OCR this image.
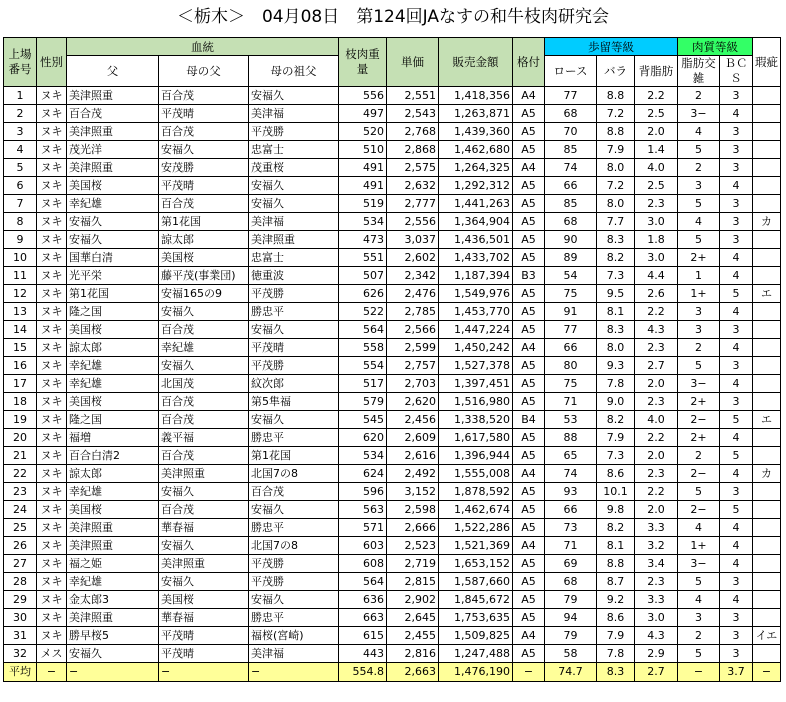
＜栃木＞　04月08日　第124回JAなすの和牛枝肉研究会
上場番号	性別	血統			枝肉重量	単価	販売金額	格付	歩留等級			肉質等級		瑕疵
		父	母の父	母の祖父					ロース	バラ	背脂肪	脂肪交雑	ＢＣＳ	

1	ヌキ	美津照重	百合茂	安福久	556	2,551	1,418,356	A4	77	8.8	2.2	2	3	
2	ヌキ	百合茂	平茂晴	美津福	497	2,543	1,263,871	A5	68	7.2	2.5	3−	4	
3	ヌキ	美津照重	百合茂	平茂勝	520	2,768	1,439,360	A5	70	8.8	2.0	4	3	
4	ヌキ	茂光洋	安福久	忠富士	510	2,868	1,462,680	A5	85	7.9	1.4	5	3	
5	ヌキ	美津照重	安茂勝	茂重桜	491	2,575	1,264,325	A4	74	8.0	4.0	2	3	
6	ヌキ	美国桜	平茂晴	安福久	491	2,632	1,292,312	A5	66	7.2	2.5	3	4	
7	ヌキ	幸紀雄	百合茂	安福久	519	2,777	1,441,263	A5	85	8.0	2.3	5	3	
8	ヌキ	安福久	第1花国	美津福	534	2,556	1,364,904	A5	68	7.7	3.0	4	3	カ
9	ヌキ	安福久	諒太郎	美津照重	473	3,037	1,436,501	A5	90	8.3	1.8	5	3	
10	ヌキ	国華白清	美国桜	忠富士	551	2,602	1,433,702	A5	89	8.2	3.0	2+	4	
11	ヌキ	光平栄	藤平茂(事業団)	徳重波	507	2,342	1,187,394	B3	54	7.3	4.4	1	4	
12	ヌキ	第1花国	安福165の9	平茂勝	626	2,476	1,549,976	A5	75	9.5	2.6	1+	5	エ
13	ヌキ	隆之国	安福久	勝忠平	522	2,785	1,453,770	A5	91	8.1	2.2	3	4	
14	ヌキ	美国桜	百合茂	安福久	564	2,566	1,447,224	A5	77	8.3	4.3	3	3	
15	ヌキ	諒太郎	幸紀雄	平茂晴	558	2,599	1,450,242	A4	66	8.0	2.3	2	4	
16	ヌキ	幸紀雄	安福久	平茂勝	554	2,757	1,527,378	A5	80	9.3	2.7	5	3	
17	ヌキ	幸紀雄	北国茂	紋次郎	517	2,703	1,397,451	A5	75	7.8	2.0	3−	4	
18	ヌキ	美国桜	百合茂	第5隼福	579	2,620	1,516,980	A5	71	9.0	2.3	2+	3	
19	ヌキ	隆之国	百合茂	安福久	545	2,456	1,338,520	B4	53	8.2	4.0	2−	5	エ
20	ヌキ	福増	義平福	勝忠平	620	2,609	1,617,580	A5	88	7.9	2.2	2+	4	
21	ヌキ	百合白清2	百合茂	第1花国	534	2,616	1,396,944	A5	65	7.3	2.0	2	5	
22	ヌキ	諒太郎	美津照重	北国7の8	624	2,492	1,555,008	A4	74	8.6	2.3	2−	4	カ
23	ヌキ	幸紀雄	安福久	百合茂	596	3,152	1,878,592	A5	93	10.1	2.2	5	3	
24	ヌキ	美国桜	百合茂	安福久	563	2,598	1,462,674	A5	66	9.8	2.0	2−	5	
25	ヌキ	美津照重	華春福	勝忠平	571	2,666	1,522,286	A5	73	8.2	3.3	4	4	
26	ヌキ	美津照重	安福久	北国7の8	603	2,523	1,521,369	A4	71	8.1	3.2	1+	4	
27	ヌキ	福之姫	美津照重	平茂勝	608	2,719	1,653,152	A5	69	8.8	3.4	3−	4	
28	ヌキ	幸紀雄	安福久	平茂勝	564	2,815	1,587,660	A5	68	8.7	2.3	5	3	
29	ヌキ	金太郎3	美国桜	安福久	636	2,902	1,845,672	A5	79	9.2	3.3	4	4	
30	ヌキ	美津照重	華春福	勝忠平	663	2,645	1,753,635	A5	94	8.6	3.0	3	3	
31	ヌキ	勝早桜5	平茂晴	福桜(宮崎)	615	2,455	1,509,825	A4	79	7.9	4.3	2	3	イエ
32	メス	安福久	平茂晴	美津福	443	2,816	1,247,488	A5	58	7.8	2.9	5	3	
平均	−	−	−	−	554.8	2,663	1,476,190	−	74.7	8.3	2.7	−	3.7	−
